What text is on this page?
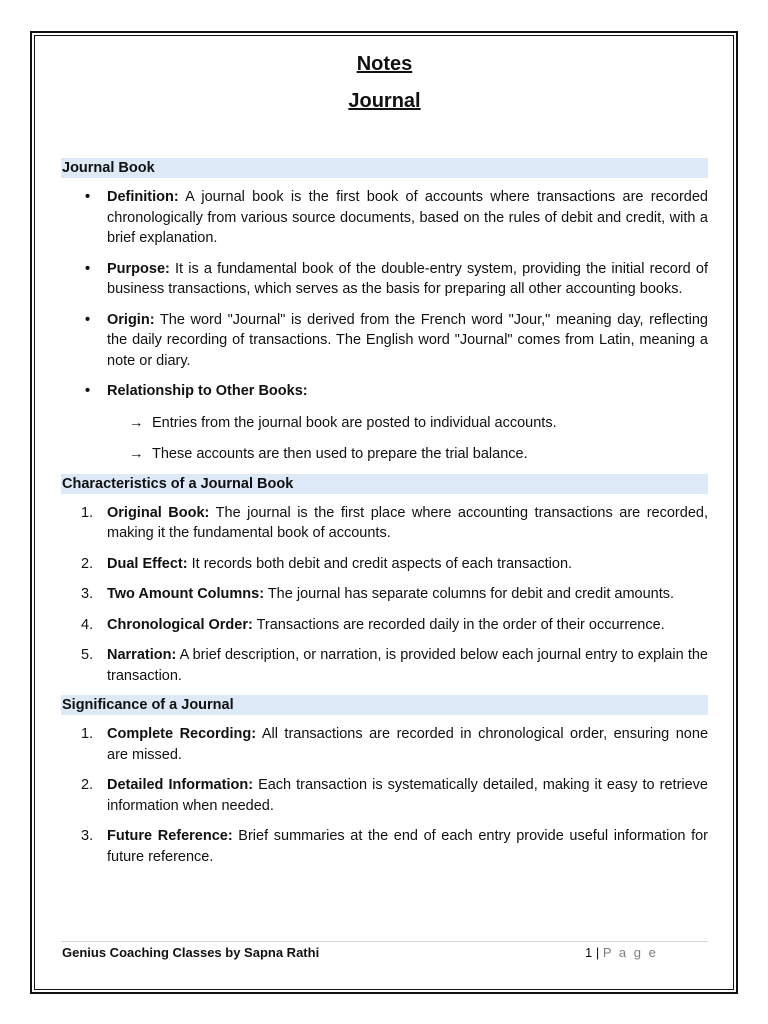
Notes
Journal
Journal Book
• Definition: A journal book is the first book of accounts where transactions are recorded chronologically from various source documents, based on the rules of debit and credit, with a brief explanation.
• Purpose: It is a fundamental book of the double-entry system, providing the initial record of business transactions, which serves as the basis for preparing all other accounting books.
• Origin: The word "Journal" is derived from the French word "Jour," meaning day, reflecting the daily recording of transactions. The English word "Journal" comes from Latin, meaning a note or diary.
• Relationship to Other Books:
→ Entries from the journal book are posted to individual accounts.
→ These accounts are then used to prepare the trial balance.
Characteristics of a Journal Book
1. Original Book: The journal is the first place where accounting transactions are recorded, making it the fundamental book of accounts.
2. Dual Effect: It records both debit and credit aspects of each transaction.
3. Two Amount Columns: The journal has separate columns for debit and credit amounts.
4. Chronological Order: Transactions are recorded daily in the order of their occurrence.
5. Narration: A brief description, or narration, is provided below each journal entry to explain the transaction.
Significance of a Journal
1. Complete Recording: All transactions are recorded in chronological order, ensuring none are missed.
2. Detailed Information: Each transaction is systematically detailed, making it easy to retrieve information when needed.
3. Future Reference: Brief summaries at the end of each entry provide useful information for future reference.
Genius Coaching Classes by Sapna Rathi	1 | P a g e
